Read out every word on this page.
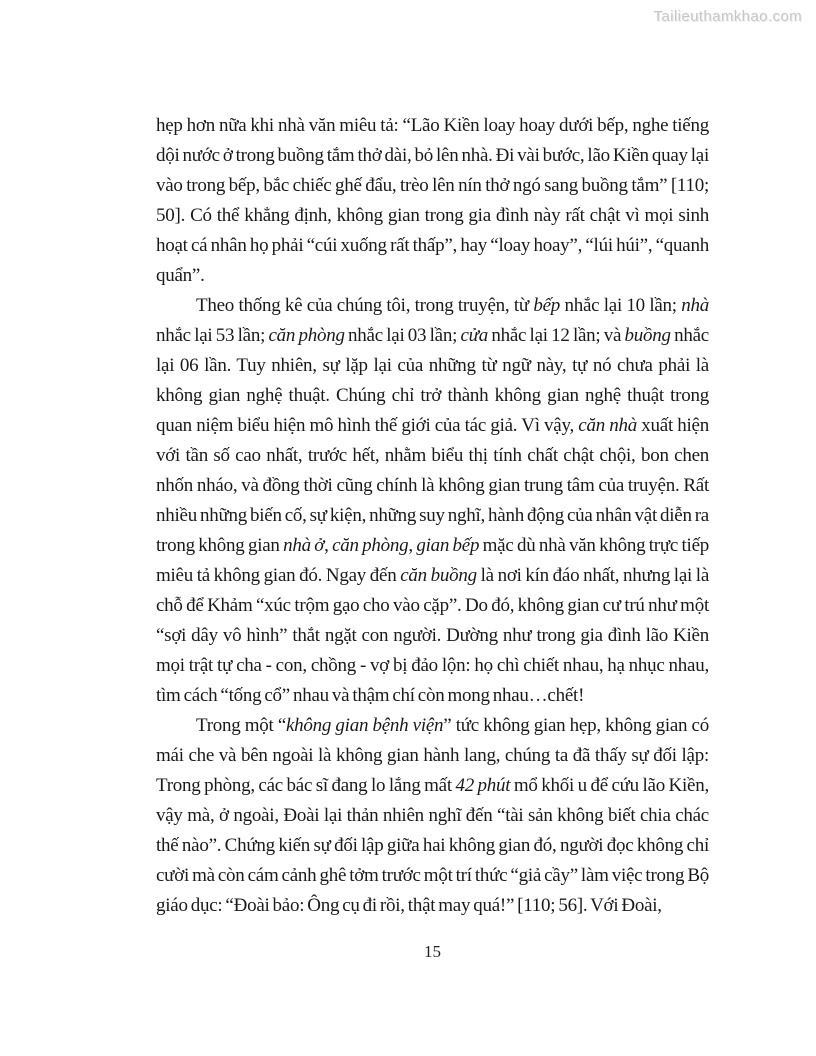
Tailieuthamkhao.com

hẹp hơn nữa khi nhà văn miêu tả: “Lão Kiền loay hoay dưới bếp, nghe tiếng dội nước ở trong buồng tắm thở dài, bỏ lên nhà. Đi vài bước, lão Kiền quay lại vào trong bếp, bắc chiếc ghế đẩu, trèo lên nín thở ngó sang buồng tắm” [110; 50]. Có thể khẳng định, không gian trong gia đình này rất chật vì mọi sinh hoạt cá nhân họ phải “cúi xuống rất thấp”, hay “loay hoay”, “lúi húi”, “quanh quẩn”.

Theo thống kê của chúng tôi, trong truyện, từ bếp nhắc lại 10 lần; nhà nhắc lại 53 lần; căn phòng nhắc lại 03 lần; cửa nhắc lại 12 lần; và buồng nhắc lại 06 lần. Tuy nhiên, sự lặp lại của những từ ngữ này, tự nó chưa phải là không gian nghệ thuật. Chúng chỉ trở thành không gian nghệ thuật trong quan niệm biểu hiện mô hình thế giới của tác giả. Vì vậy, căn nhà xuất hiện với tần số cao nhất, trước hết, nhằm biểu thị tính chất chật chội, bon chen nhốn nháo, và đồng thời cũng chính là không gian trung tâm của truyện. Rất nhiều những biến cố, sự kiện, những suy nghĩ, hành động của nhân vật diễn ra trong không gian nhà ở, căn phòng, gian bếp mặc dù nhà văn không trực tiếp miêu tả không gian đó. Ngay đến căn buồng là nơi kín đáo nhất, nhưng lại là chỗ để Khảm “xúc trộm gạo cho vào cặp”. Do đó, không gian cư trú như một “sợi dây vô hình” thắt ngặt con người. Dường như trong gia đình lão Kiền mọi trật tự cha - con, chồng - vợ bị đảo lộn: họ chì chiết nhau, hạ nhục nhau, tìm cách “tống cổ” nhau và thậm chí còn mong nhau…chết!

Trong một “không gian bệnh viện” tức không gian hẹp, không gian có mái che và bên ngoài là không gian hành lang, chúng ta đã thấy sự đối lập: Trong phòng, các bác sĩ đang lo lắng mất 42 phút mổ khối u để cứu lão Kiền, vậy mà, ở ngoài, Đoài lại thản nhiên nghĩ đến “tài sản không biết chia chác thế nào”. Chứng kiến sự đối lập giữa hai không gian đó, người đọc không chỉ cười mà còn cám cảnh ghê tởm trước một trí thức “giả cầy” làm việc trong Bộ giáo dục: “Đoài bảo: Ông cụ đi rồi, thật may quá!” [110; 56]. Với Đoài,

15
